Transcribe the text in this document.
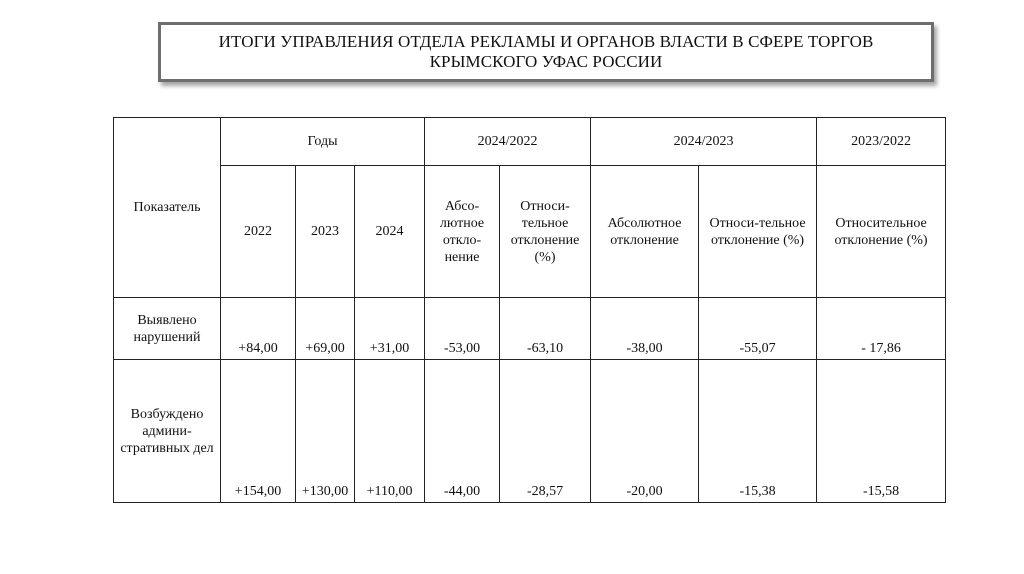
ИТОГИ УПРАВЛЕНИЯ ОТДЕЛА РЕКЛАМЫ И ОРГАНОВ ВЛАСТИ В СФЕРЕ ТОРГОВ КРЫМСКОГО УФАС РОССИИ
Показатель	Годы			2024/2022		2024/2023		2023/2022
	2022	2023	2024	Абсо-лютное откло-нение	Относи-тельное отклонение (%)	Абсолютное отклонение	Относи-тельное отклонение (%)	Относительное отклонение (%)
Выявлено нарушений	+84,00	+69,00	+31,00	-53,00	-63,10	-38,00	-55,07	- 17,86
Возбуждено админи-стративных дел	+154,00	+130,00	+110,00	-44,00	-28,57	-20,00	-15,38	-15,58
